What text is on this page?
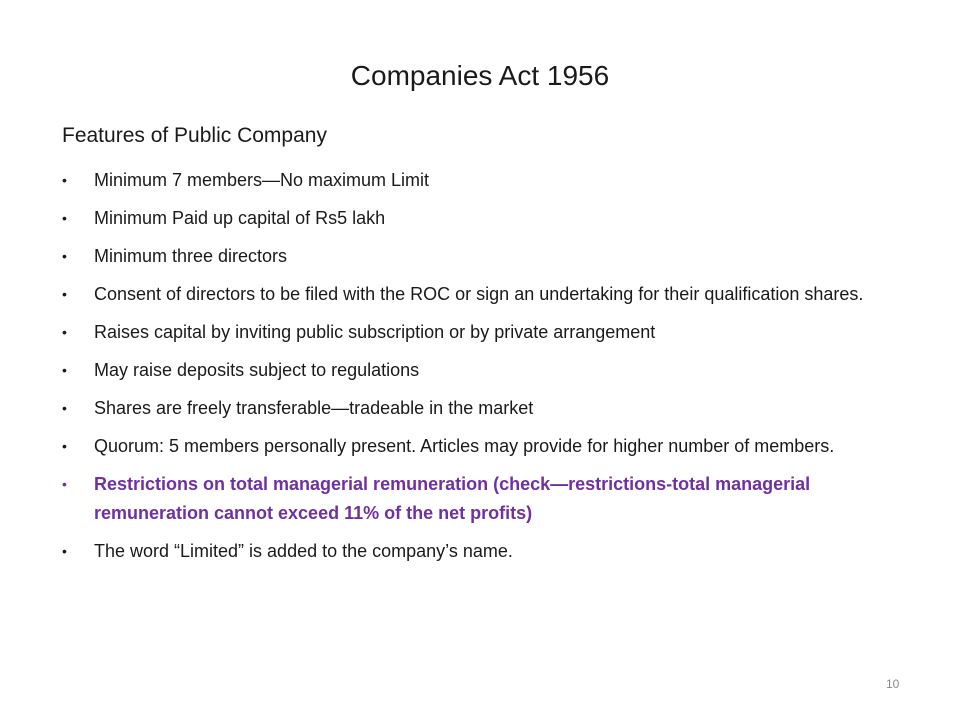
Companies Act 1956
Features of Public Company
•	Minimum 7 members—No maximum Limit
•	Minimum Paid up capital of Rs5 lakh
•	Minimum three directors
•	Consent of directors to be filed with the ROC or sign an undertaking for their qualification shares.
•	Raises capital by inviting public subscription or by private arrangement
•	May raise deposits subject to regulations
•	Shares are freely transferable—tradeable in the market
•	Quorum: 5 members personally present. Articles may provide for higher number of members.
•	Restrictions on total managerial remuneration (check—restrictions-total managerial remuneration cannot exceed 11% of the net profits)
•	The word “Limited” is added to the company’s name.
10
